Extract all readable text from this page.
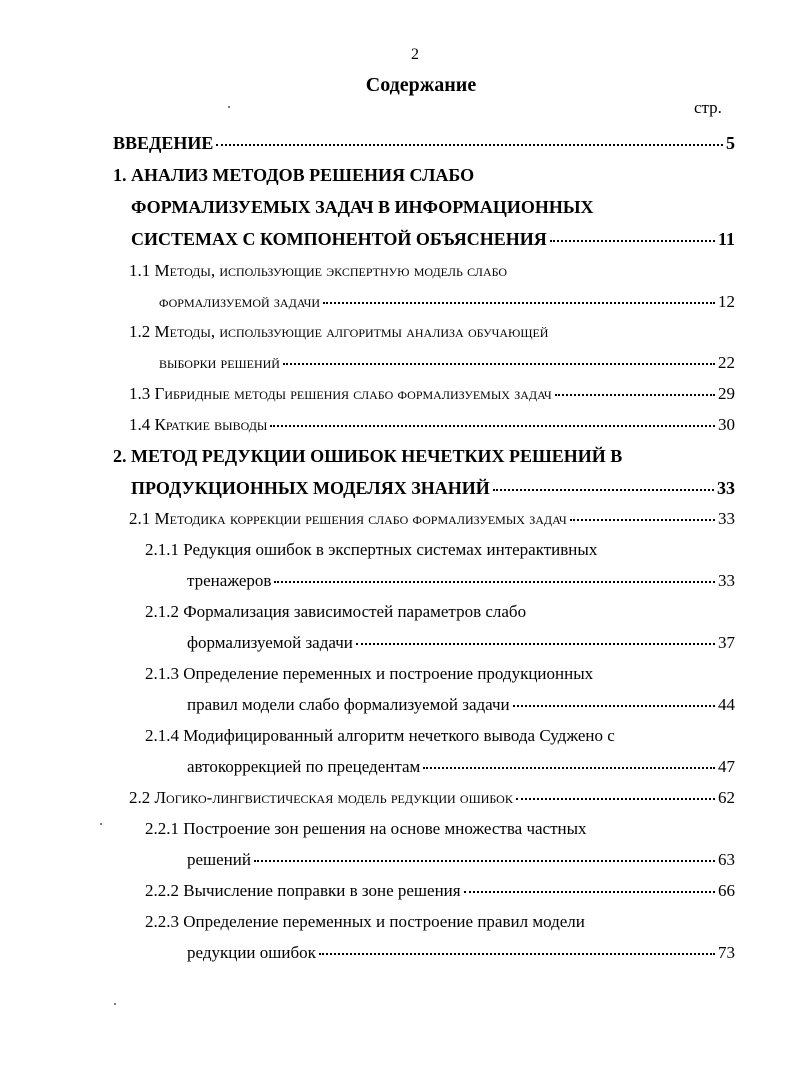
2
Содержание
стр.
ВВЕДЕНИЕ	5
1. АНАЛИЗ МЕТОДОВ РЕШЕНИЯ СЛАБО
ФОРМАЛИЗУЕМЫХ ЗАДАЧ В ИНФОРМАЦИОННЫХ
СИСТЕМАХ С КОМПОНЕНТОЙ ОБЪЯСНЕНИЯ	11
1.1 Методы, использующие экспертную модель слабо
формализуемой задачи	12
1.2 Методы, использующие алгоритмы анализа обучающей
выборки решений	22
1.3 Гибридные методы решения слабо формализуемых задач	29
1.4 Краткие выводы	30
2. МЕТОД РЕДУКЦИИ ОШИБОК НЕЧЕТКИХ РЕШЕНИЙ В
ПРОДУКЦИОННЫХ МОДЕЛЯХ ЗНАНИЙ	33
2.1 Методика коррекции решения слабо формализуемых задач	33
2.1.1 Редукция ошибок в экспертных системах интерактивных
тренажеров	33
2.1.2 Формализация зависимостей параметров слабо
формализуемой задачи	37
2.1.3 Определение переменных и построение продукционных
правил модели слабо формализуемой задачи	44
2.1.4 Модифицированный алгоритм нечеткого вывода Суджено с
автокоррекцией по прецедентам	47
2.2 Логико-лингвистическая модель редукции ошибок	62
2.2.1 Построение зон решения на основе множества частных
решений	63
2.2.2 Вычисление поправки в зоне решения	66
2.2.3 Определение переменных и построение правил модели
редукции ошибок	73
